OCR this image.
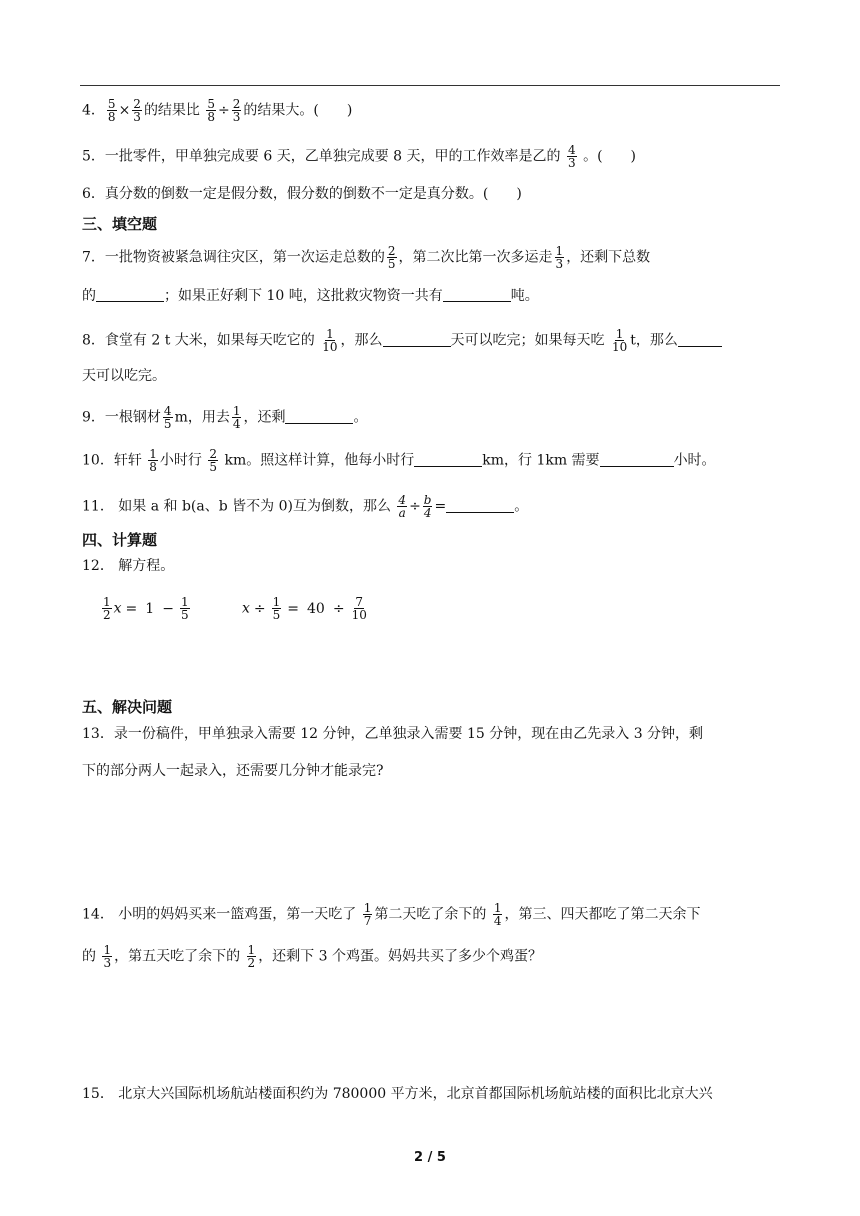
4． $\frac{5}{8} \times \frac{2}{3}$ 的结果比 $\frac{5}{8} \div \frac{2}{3}$ 的结果大。(　　)
5．一批零件，甲单独完成要 6 天，乙单独完成要 8 天，甲的工作效率是乙的 $\frac{4}{3}$ 。(　　)
6．真分数的倒数一定是假分数，假分数的倒数不一定是真分数。(　　)
三、填空题
7．一批物资被紧急调往灾区，第一次运走总数的 $\frac{2}{5}$ ，第二次比第一次多运走 $\frac{1}{3}$ ，还剩下总数
的	；如果正好剩下 10 吨，这批救灾物资一共有	吨。
8．食堂有 2 t 大米，如果每天吃它的 $\frac{1}{10}$ ，那么	天可以吃完；如果每天吃 $\frac{1}{10}$ t，那么
天可以吃完。
9．一根钢材 $\frac{4}{5}$ m，用去 $\frac{1}{4}$ ，还剩	。
10．轩轩 $\frac{1}{8}$ 小时行 $\frac{2}{5}$ km。照这样计算，他每小时行	km，行 1km 需要	小时。
11． 如果 a 和 b(a、b 皆不为 0)互为倒数，那么 $\frac{4}{a} \div \frac{b}{4}$ =	。
四、计算题
12． 解方程。
$\frac{1}{2}$ $x = 1 - \frac{1}{5}$	$x \div \frac{1}{5} = 40 \div \frac{7}{10}$
五、解决问题
13．录一份稿件，甲单独录入需要 12 分钟，乙单独录入需要 15 分钟，现在由乙先录入 3 分钟，剩
下的部分两人一起录入，还需要几分钟才能录完?
14． 小明的妈妈买来一篮鸡蛋，第一天吃了 $\frac{1}{7}$ 第二天吃了余下的 $\frac{1}{4}$ ，第三、四天都吃了第二天余下
的 $\frac{1}{3}$ ，第五天吃了余下的 $\frac{1}{2}$ ，还剩下 3 个鸡蛋。妈妈共买了多少个鸡蛋？
15． 北京大兴国际机场航站楼面积约为 780000 平方米，北京首都国际机场航站楼的面积比北京大兴
2 / 5
